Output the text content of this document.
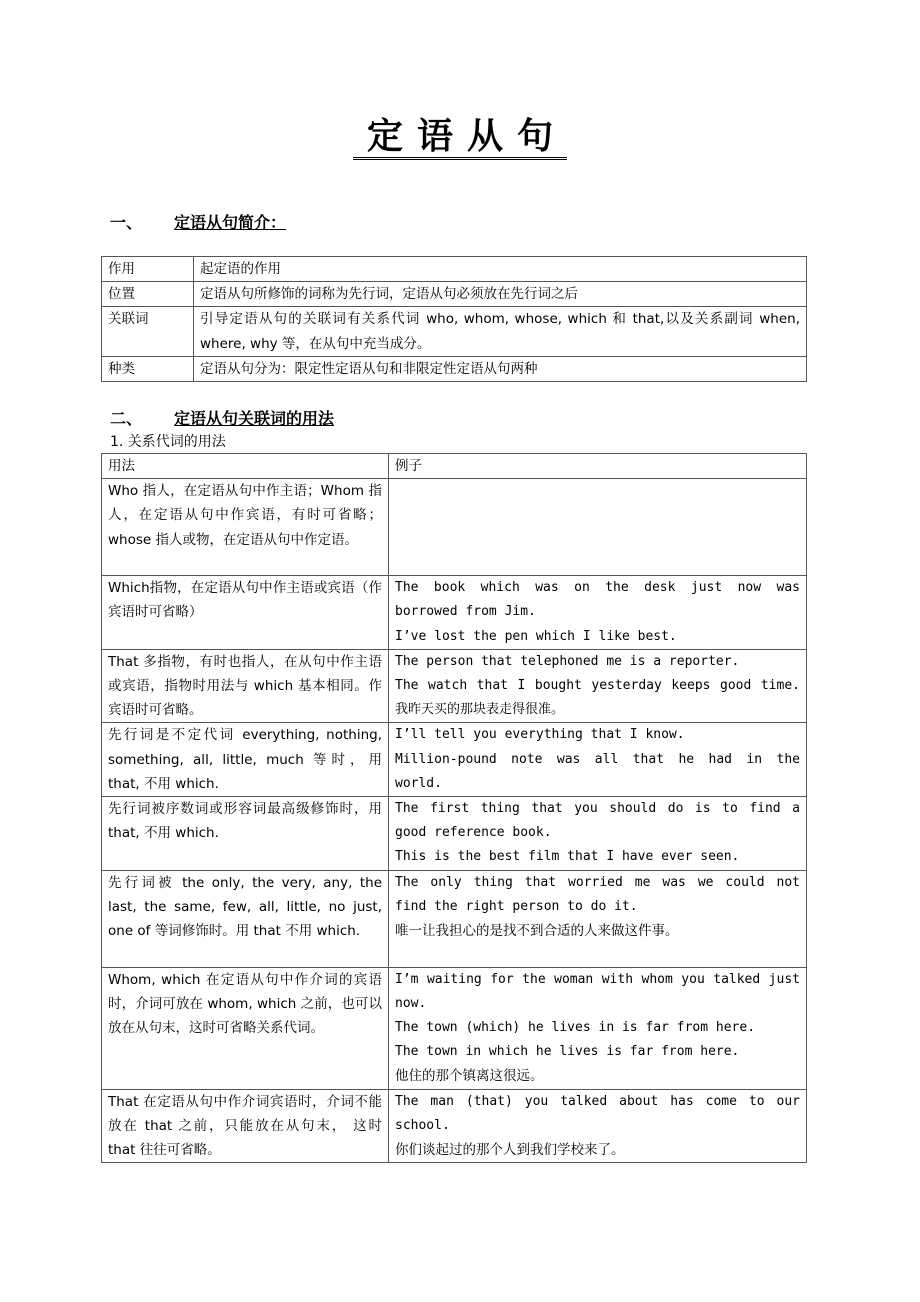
定语从句
一、 定语从句简介：
作用	起定语的作用
位置	定语从句所修饰的词称为先行词，定语从句必须放在先行词之后
关联词	引导定语从句的关联词有关系代词 who, whom, whose, which 和 that,以及关系副词 when, where, why 等，在从句中充当成分。
种类	定语从句分为：限定性定语从句和非限定性定语从句两种
二、 定语从句关联词的用法
1. 关系代词的用法
用法	例子
Who 指人，在定语从句中作主语；Whom 指人，在定语从句中作宾语，有时可省略；whose 指人或物，在定语从句中作定语。	
Which指物，在定语从句中作主语或宾语（作宾语时可省略）	The book which was on the desk just now was borrowed from Jim.
I’ve lost the pen which I like best.

That 多指物，有时也指人，在从句中作主语或宾语，指物时用法与 which 基本相同。作宾语时可省略。	The person that telephoned me is a reporter.
The watch that I bought yesterday keeps good time. 我昨天买的那块表走得很准。

先行词是不定代词 everything, nothing, something, all, little, much 等时，用 that, 不用 which.	I’ll tell you everything that I know.
Million-pound note was all that he had in the world.

先行词被序数词或形容词最高级修饰时，用 that, 不用 which.	The first thing that you should do is to find a good reference book.
This is the best film that I have ever seen.

先行词被 the only, the very, any, the last, the same, few, all, little, no just, one of 等词修饰时。用 that 不用 which.	The only thing that worried me was we could not find the right person to do it.
唯一让我担心的是找不到合适的人来做这件事。

Whom, which 在定语从句中作介词的宾语时，介词可放在 whom, which 之前，也可以放在从句末，这时可省略关系代词。	I’m waiting for the woman with whom you talked just now.
The town (which) he lives in is far from here.
The town in which he lives is far from here.
他住的那个镇离这很远。

That 在定语从句中作介词宾语时，介词不能放在 that 之前，只能放在从句末， 这时 that 往往可省略。	The man (that) you talked about has come to our school.
你们谈起过的那个人到我们学校来了。
